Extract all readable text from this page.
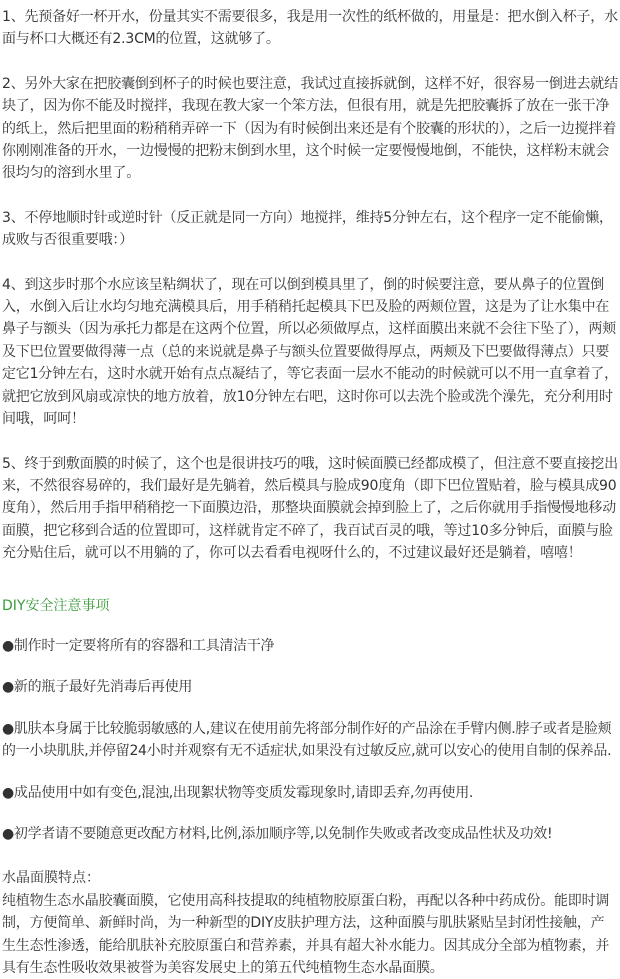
1、先预备好一杯开水，份量其实不需要很多，我是用一次性的纸杯做的，用量是：把水倒入杯子，水面与杯口大概还有2.3CM的位置，这就够了。
2、另外大家在把胶囊倒到杯子的时候也要注意，我试过直接拆就倒，这样不好，很容易一倒进去就结块了，因为你不能及时搅拌，我现在教大家一个笨方法，但很有用，就是先把胶囊拆了放在一张干净的纸上，然后把里面的粉稍稍弄碎一下（因为有时候倒出来还是有个胶囊的形状的），之后一边搅拌着你刚刚准备的开水，一边慢慢的把粉末倒到水里，这个时候一定要慢慢地倒，不能快，这样粉末就会很均匀的溶到水里了。
3、不停地顺时针或逆时针（反正就是同一方向）地搅拌，维持5分钟左右，这个程序一定不能偷懒，成败与否很重要哦：）
4、到这步时那个水应该呈粘绸状了，现在可以倒到模具里了，倒的时候要注意，要从鼻子的位置倒入，水倒入后让水均匀地充满模具后，用手稍稍托起模具下巴及脸的两颊位置，这是为了让水集中在鼻子与额头（因为承托力都是在这两个位置，所以必须做厚点，这样面膜出来就不会往下坠了），两颊及下巴位置要做得薄一点（总的来说就是鼻子与额头位置要做得厚点，两颊及下巴要做得薄点）只要定它1分钟左右，这时水就开始有点点凝结了，等它表面一层水不能动的时候就可以不用一直拿着了，就把它放到风扇或凉快的地方放着，放10分钟左右吧，这时你可以去洗个脸或洗个澡先，充分利用时间哦，呵呵！
5、终于到敷面膜的时候了，这个也是很讲技巧的哦，这时候面膜已经都成模了，但注意不要直接挖出来，不然很容易碎的，我们最好是先躺着，然后模具与脸成90度角（即下巴位置贴着，脸与模具成90度角），然后用手指甲稍稍挖一下面膜边沿，那整块面膜就会掉到脸上了，之后你就用手指慢慢地移动面膜，把它移到合适的位置即可，这样就肯定不碎了，我百试百灵的哦，等过10多分钟后，面膜与脸充分贴住后，就可以不用躺的了，你可以去看看电视呀什么的，不过建议最好还是躺着，嘻嘻！
DIY安全注意事项
●制作时一定要将所有的容器和工具清洁干净
●新的瓶子最好先消毒后再使用
●肌肤本身属于比较脆弱敏感的人,建议在使用前先将部分制作好的产品涂在手臂内侧.脖子或者是脸颊的一小块肌肤,并停留24小时并观察有无不适症状,如果没有过敏反应,就可以安心的使用自制的保养品.
●成品使用中如有变色,混浊,出现絮状物等变质发霉现象时,请即丢弃,勿再使用.
●初学者请不要随意更改配方材料,比例,添加顺序等,以免制作失败或者改变成品性状及功效!
水晶面膜特点：
纯植物生态水晶胶囊面膜，它使用高科技提取的纯植物胶原蛋白粉，再配以各种中药成份。能即时调制，方便简单、新鲜时尚，为一种新型的DIY皮肤护理方法，这种面膜与肌肤紧贴呈封闭性接触，产生生态性渗透，能给肌肤补充胶原蛋白和营养素，并具有超大补水能力。因其成分全部为植物素，并具有生态性吸收效果被誉为美容发展史上的第五代纯植物生态水晶面膜。
